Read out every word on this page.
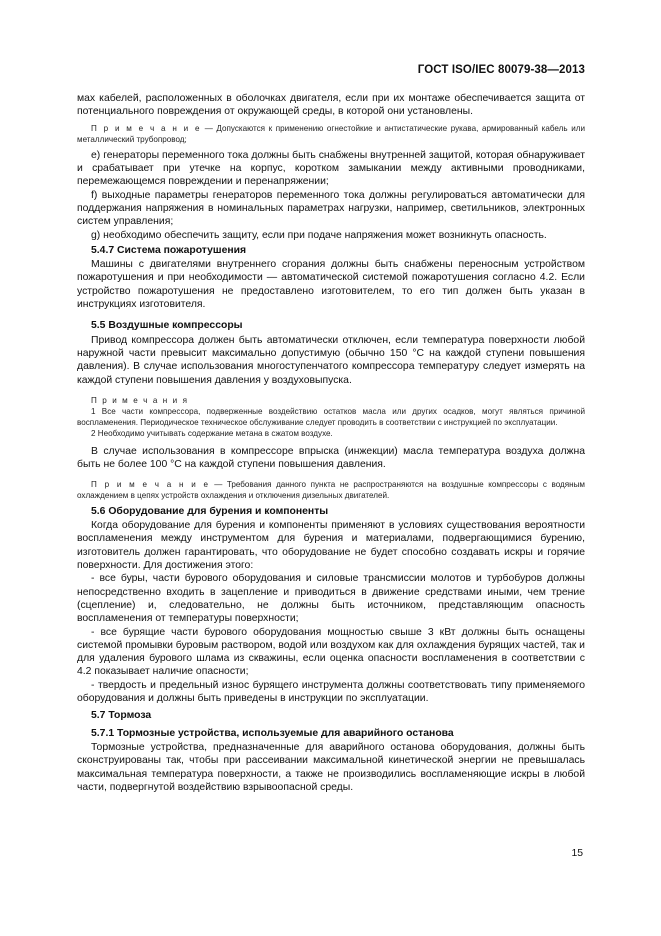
ГОСТ ISO/IEC 80079-38—2013

мах кабелей, расположенных в оболочках двигателя, если при их монтаже обеспечивается защита от потенциального повреждения от окружающей среды, в которой они установлены.

П р и м е ч а н и е — Допускаются к применению огнестойкие и антистатические рукава, армированный кабель или металлический трубопровод;

e) генераторы переменного тока должны быть снабжены внутренней защитой, которая обнаруживает и срабатывает при утечке на корпус, коротком замыкании между активными проводниками, перемежающемся повреждении и перенапряжении;

f) выходные параметры генераторов переменного тока должны регулироваться автоматически для поддержания напряжения в номинальных параметрах нагрузки, например, светильников, электронных систем управления;

g) необходимо обеспечить защиту, если при подаче напряжения может возникнуть опасность.

5.4.7 Система пожаротушения

Машины с двигателями внутреннего сгорания должны быть снабжены переносным устройством пожаротушения и при необходимости — автоматической системой пожаротушения согласно 4.2. Если устройство пожаротушения не предоставлено изготовителем, то его тип должен быть указан в инструкциях изготовителя.

5.5 Воздушные компрессоры

Привод компрессора должен быть автоматически отключен, если температура поверхности любой наружной части превысит максимально допустимую (обычно 150 °C на каждой ступени повышения давления). В случае использования многоступенчатого компрессора температуру следует измерять на каждой ступени повышения давления у воздуховыпуска.

П р и м е ч а н и я

1 Все части компрессора, подверженные воздействию остатков масла или других осадков, могут являться причиной воспламенения. Периодическое техническое обслуживание следует проводить в соответствии с инструкцией по эксплуатации.

2 Необходимо учитывать содержание метана в сжатом воздухе.

В случае использования в компрессоре впрыска (инжекции) масла температура воздуха должна быть не более 100 °C на каждой ступени повышения давления.

П р и м е ч а н и е — Требования данного пункта не распространяются на воздушные компрессоры с водяным охлаждением в цепях устройств охлаждения и отключения дизельных двигателей.

5.6 Оборудование для бурения и компоненты

Когда оборудование для бурения и компоненты применяют в условиях существования вероятности воспламенения между инструментом для бурения и материалами, подвергающимися бурению, изготовитель должен гарантировать, что оборудование не будет способно создавать искры и горячие поверхности. Для достижения этого:

- все буры, части бурового оборудования и силовые трансмиссии молотов и турбобуров должны непосредственно входить в зацепление и приводиться в движение средствами иными, чем трение (сцепление) и, следовательно, не должны быть источником, представляющим опасность воспламенения от температуры поверхности;

- все бурящие части бурового оборудования мощностью свыше 3 кВт должны быть оснащены системой промывки буровым раствором, водой или воздухом как для охлаждения бурящих частей, так и для удаления бурового шлама из скважины, если оценка опасности воспламенения в соответствии с 4.2 показывает наличие опасности;

- твердость и предельный износ бурящего инструмента должны соответствовать типу применяемого оборудования и должны быть приведены в инструкции по эксплуатации.

5.7 Тормоза
5.7.1 Тормозные устройства, используемые для аварийного останова

Тормозные устройства, предназначенные для аварийного останова оборудования, должны быть сконструированы так, чтобы при рассеивании максимальной кинетической энергии не превышалась максимальная температура поверхности, а также не производились воспламеняющие искры в любой части, подвергнутой воздействию взрывоопасной среды.

15
